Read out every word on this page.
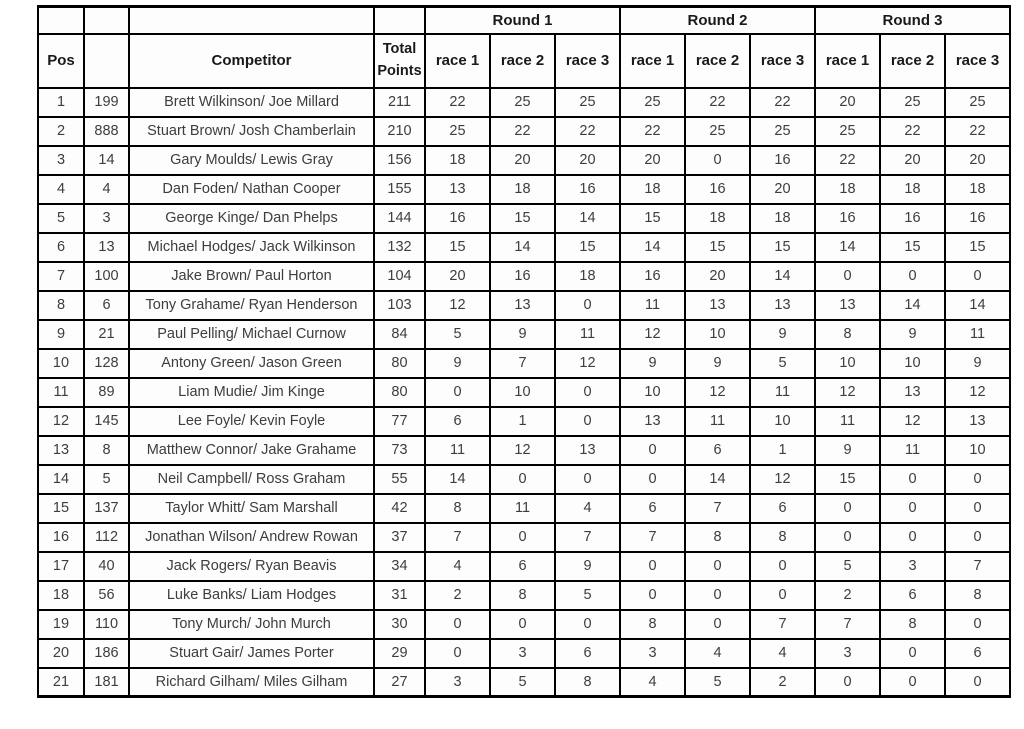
				Round 1			Round 2			Round 3		
Pos		Competitor	Total Points	race 1	race 2	race 3	race 1	race 2	race 3	race 1	race 2	race 3
1	199	Brett Wilkinson/ Joe Millard	211	22	25	25	25	22	22	20	25	25
2	888	Stuart Brown/ Josh Chamberlain	210	25	22	22	22	25	25	25	22	22
3	14	Gary Moulds/ Lewis Gray	156	18	20	20	20	0	16	22	20	20
4	4	Dan Foden/ Nathan Cooper	155	13	18	16	18	16	20	18	18	18
5	3	George Kinge/ Dan Phelps	144	16	15	14	15	18	18	16	16	16
6	13	Michael Hodges/ Jack Wilkinson	132	15	14	15	14	15	15	14	15	15
7	100	Jake Brown/ Paul Horton	104	20	16	18	16	20	14	0	0	0
8	6	Tony Grahame/ Ryan Henderson	103	12	13	0	11	13	13	13	14	14
9	21	Paul Pelling/ Michael Curnow	84	5	9	11	12	10	9	8	9	11
10	128	Antony Green/ Jason Green	80	9	7	12	9	9	5	10	10	9
11	89	Liam Mudie/ Jim Kinge	80	0	10	0	10	12	11	12	13	12
12	145	Lee Foyle/ Kevin Foyle	77	6	1	0	13	11	10	11	12	13
13	8	Matthew Connor/ Jake Grahame	73	11	12	13	0	6	1	9	11	10
14	5	Neil Campbell/ Ross Graham	55	14	0	0	0	14	12	15	0	0
15	137	Taylor Whitt/ Sam Marshall	42	8	11	4	6	7	6	0	0	0
16	112	Jonathan Wilson/ Andrew Rowan	37	7	0	7	7	8	8	0	0	0
17	40	Jack Rogers/ Ryan Beavis	34	4	6	9	0	0	0	5	3	7
18	56	Luke Banks/ Liam Hodges	31	2	8	5	0	0	0	2	6	8
19	110	Tony Murch/ John Murch	30	0	0	0	8	0	7	7	8	0
20	186	Stuart Gair/ James Porter	29	0	3	6	3	4	4	3	0	6
21	181	Richard Gilham/ Miles Gilham	27	3	5	8	4	5	2	0	0	0
